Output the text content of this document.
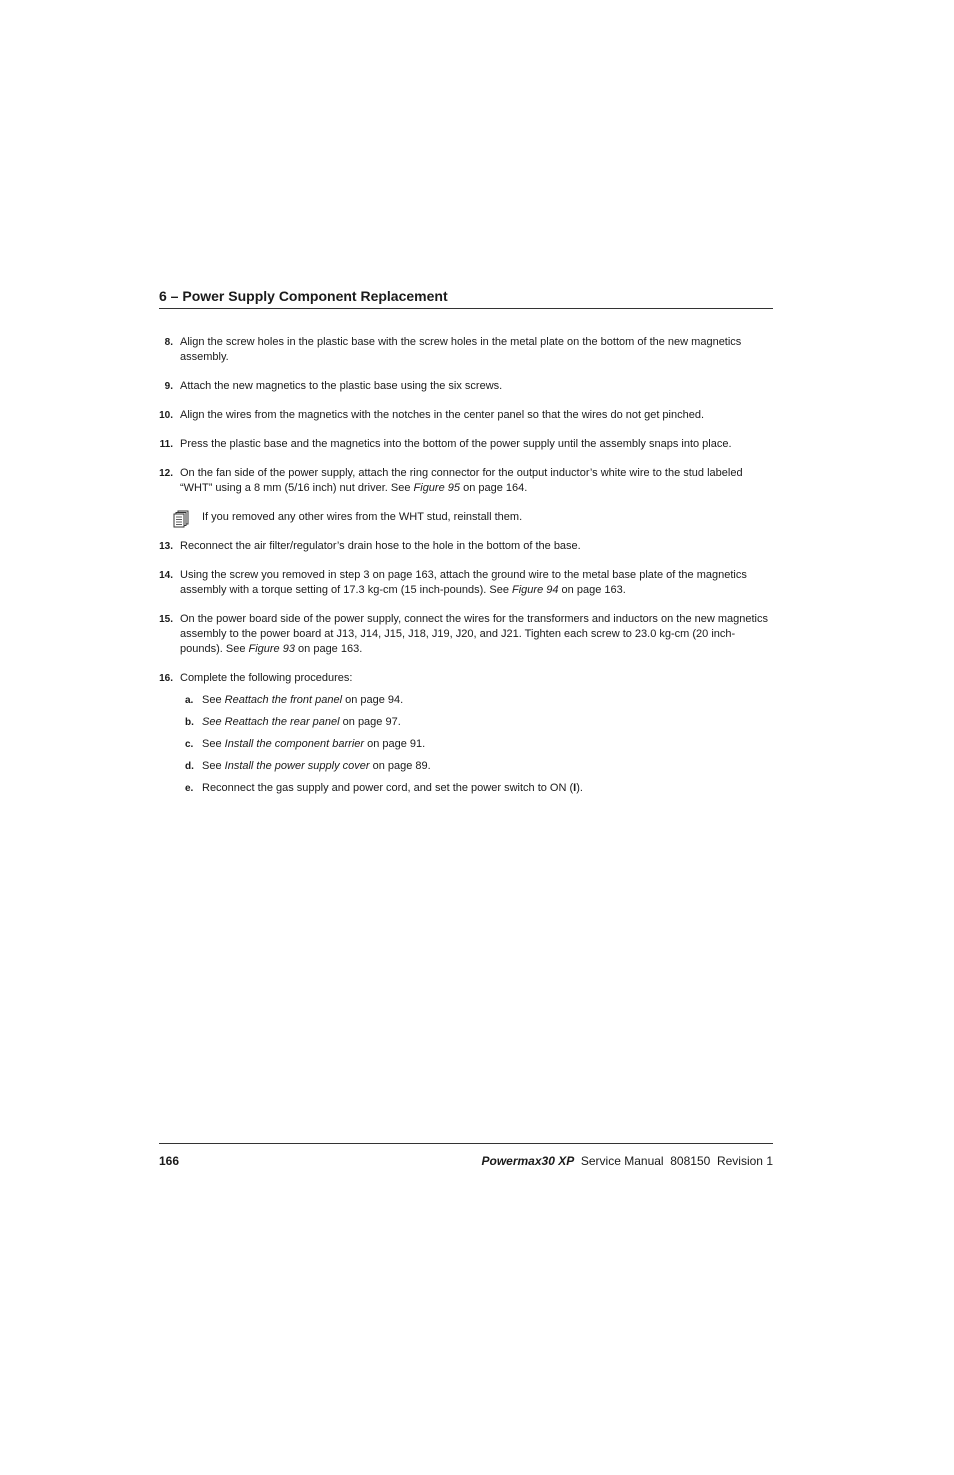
6 – Power Supply Component Replacement

8. Align the screw holes in the plastic base with the screw holes in the metal plate on the bottom of the new magnetics assembly.
9. Attach the new magnetics to the plastic base using the six screws.
10. Align the wires from the magnetics with the notches in the center panel so that the wires do not get pinched.
11. Press the plastic base and the magnetics into the bottom of the power supply until the assembly snaps into place.
12. On the fan side of the power supply, attach the ring connector for the output inductor’s white wire to the stud labeled “WHT” using a 8 mm (5/16 inch) nut driver. See Figure 95 on page 164.
If you removed any other wires from the WHT stud, reinstall them.
13. Reconnect the air filter/regulator’s drain hose to the hole in the bottom of the base.
14. Using the screw you removed in step 3 on page 163, attach the ground wire to the metal base plate of the magnetics assembly with a torque setting of 17.3 kg-cm (15 inch-pounds). See Figure 94 on page 163.
15. On the power board side of the power supply, connect the wires for the transformers and inductors on the new magnetics assembly to the power board at J13, J14, J15, J18, J19, J20, and J21. Tighten each screw to 23.0 kg-cm (20 inch-pounds). See Figure 93 on page 163.
16. Complete the following procedures:
a. See Reattach the front panel on page 94.
b. See Reattach the rear panel on page 97.
c. See Install the component barrier on page 91.
d. See Install the power supply cover on page 89.
e. Reconnect the gas supply and power cord, and set the power switch to ON (I).
166	Powermax30 XP Service Manual  808150  Revision 1
